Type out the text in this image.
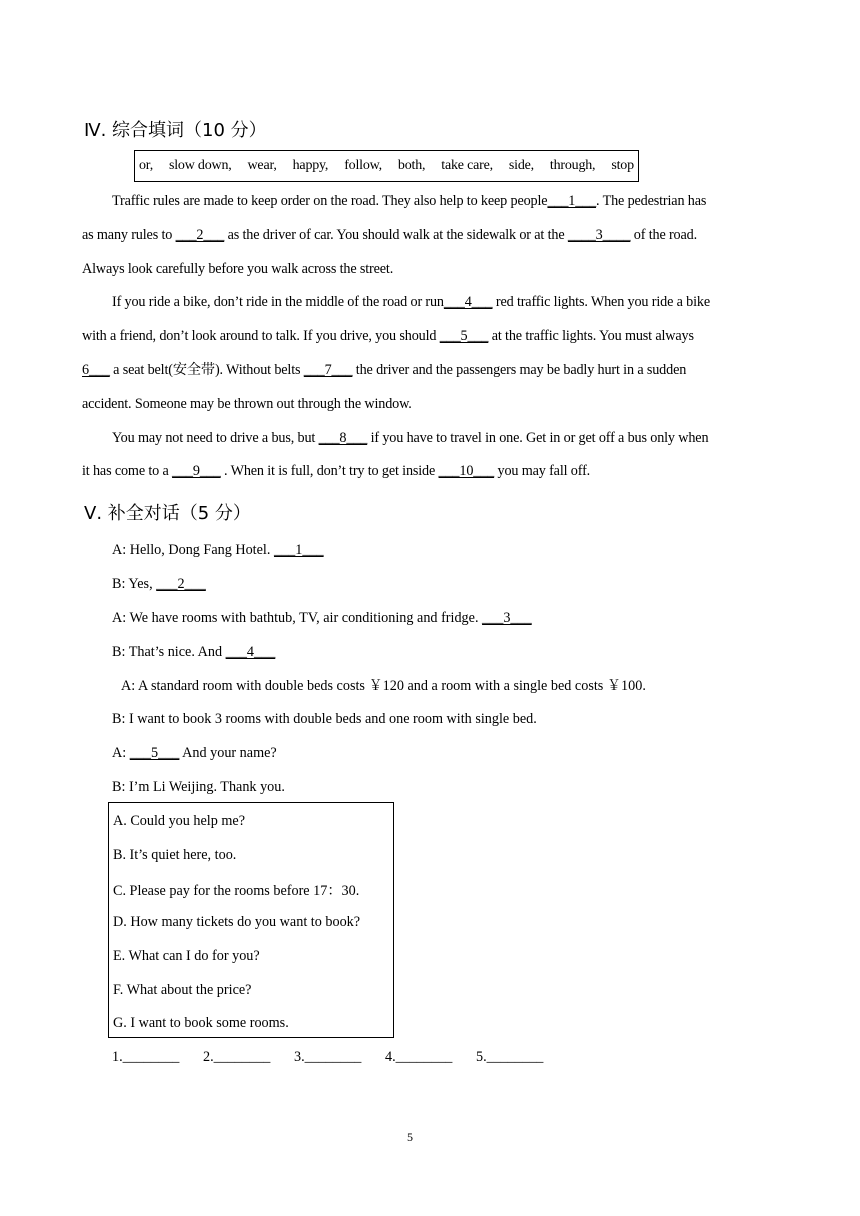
Ⅳ. 综合填词（10 分）
or, slow down, wear, happy, follow, both, take care, side, through, stop
Traffic rules are made to keep order on the road. They also help to keep people___1___. The pedestrian has
as many rules to ___2___ as the driver of car. You should walk at the sidewalk or at the ____3____ of the road.
Always look carefully before you walk across the street.
If you ride a bike, don’t ride in the middle of the road or run___4___ red traffic lights. When you ride a bike
with a friend, don’t look around to talk. If you drive, you should ___5___ at the traffic lights. You must always
6___ a seat belt(安全带). Without belts ___7___ the driver and the passengers may be badly hurt in a sudden
accident. Someone may be thrown out through the window.
You may not need to drive a bus, but ___8___ if you have to travel in one. Get in or get off a bus only when
it has come to a ___9___ . When it is full, don’t try to get inside ___10___ you may fall off.
Ⅴ. 补全对话（5 分）
A: Hello, Dong Fang Hotel. ___1___
B: Yes, ___2___
A: We have rooms with bathtub, TV, air conditioning and fridge. ___3___
B: That’s nice. And ___4___
A: A standard room with double beds costs ￥120 and a room with a single bed costs ￥100.
B: I want to book 3 rooms with double beds and one room with single bed.
A: ___5___ And your name?
B: I’m Li Weijing. Thank you.
A. Could you help me?
B. It’s quiet here, too.
C. Please pay for the rooms before 17：30.
D. How many tickets do you want to book?
E. What can I do for you?
F. What about the price?
G. I want to book some rooms.
1.________ 2.________ 3.________ 4.________ 5.________
5
